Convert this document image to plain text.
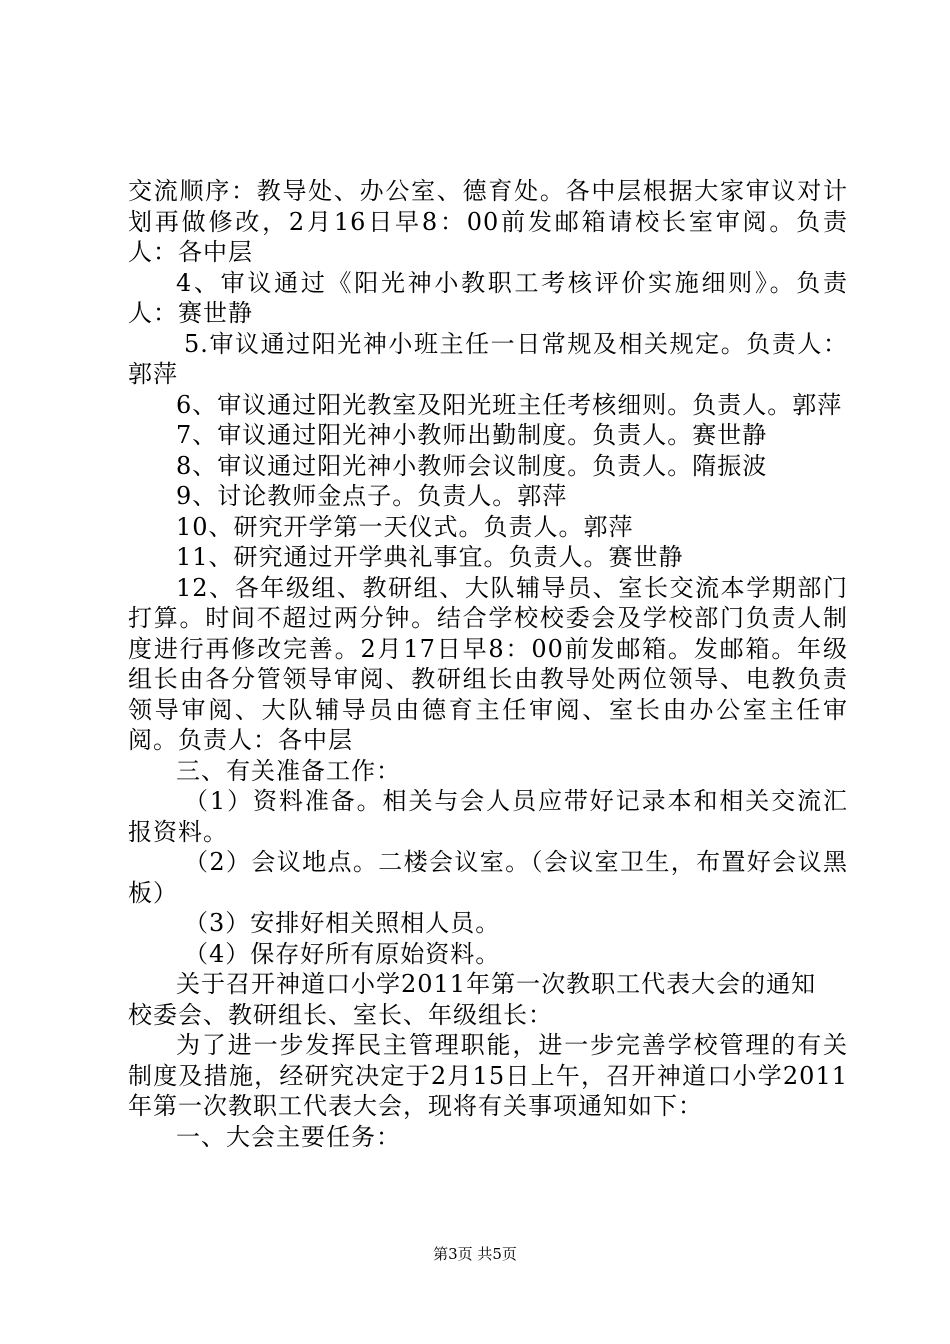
交流顺序：教导处、办公室、德育处。各中层根据大家审议对计划再做修改，2月16日早8：00前发邮箱请校长室审阅。负责人：各中层

4、审议通过《阳光神小教职工考核评价实施细则》。负责人：赛世静

5.审议通过阳光神小班主任一日常规及相关规定。负责人：郭萍

6、审议通过阳光教室及阳光班主任考核细则。负责人。郭萍

7、审议通过阳光神小教师出勤制度。负责人。赛世静

8、审议通过阳光神小教师会议制度。负责人。隋振波

9、讨论教师金点子。负责人。郭萍

10、研究开学第一天仪式。负责人。郭萍

11、研究通过开学典礼事宜。负责人。赛世静

12、各年级组、教研组、大队辅导员、室长交流本学期部门打算。时间不超过两分钟。结合学校校委会及学校部门负责人制度进行再修改完善。2月17日早8：00前发邮箱。发邮箱。年级组长由各分管领导审阅、教研组长由教导处两位领导、电教负责领导审阅、大队辅导员由德育主任审阅、室长由办公室主任审阅。负责人：各中层

三、有关准备工作：

（1）资料准备。相关与会人员应带好记录本和相关交流汇报资料。

（2）会议地点。二楼会议室。（会议室卫生，布置好会议黑板）

（3）安排好相关照相人员。

（4）保存好所有原始资料。

关于召开神道口小学2011年第一次教职工代表大会的通知

校委会、教研组长、室长、年级组长：

为了进一步发挥民主管理职能，进一步完善学校管理的有关制度及措施，经研究决定于2月15日上午，召开神道口小学2011年第一次教职工代表大会，现将有关事项通知如下：

一、大会主要任务：

第3页 共5页
